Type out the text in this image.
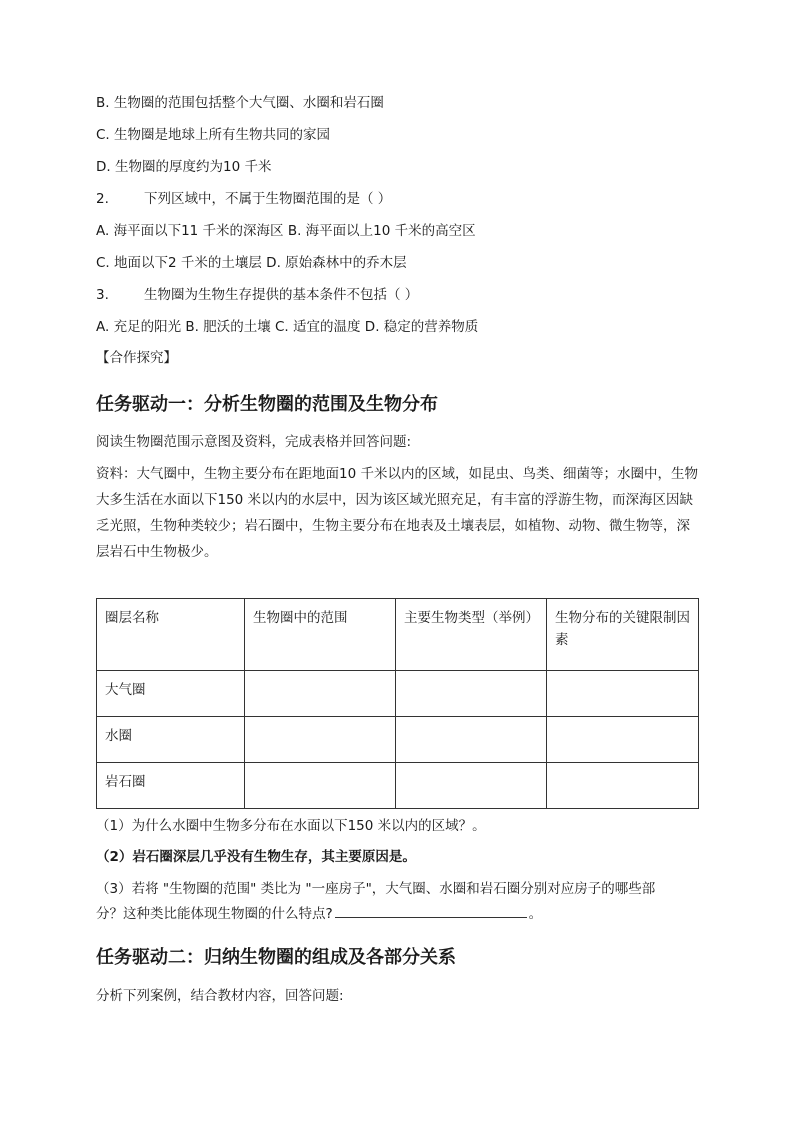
B. 生物圈的范围包括整个大气圈、水圈和岩石圈
C. 生物圈是地球上所有生物共同的家园
D. 生物圈的厚度约为10 千米
2.	下列区域中，不属于生物圈范围的是（ ）
A. 海平面以下11 千米的深海区 B. 海平面以上10 千米的高空区
C. 地面以下2 千米的土壤层 D. 原始森林中的乔木层
3.	生物圈为生物生存提供的基本条件不包括（ ）
A. 充足的阳光 B. 肥沃的土壤 C. 适宜的温度 D. 稳定的营养物质
【合作探究】
任务驱动一：分析生物圈的范围及生物分布
阅读生物圈范围示意图及资料，完成表格并回答问题:
资料：大气圈中，生物主要分布在距地面10 千米以内的区域，如昆虫、鸟类、细菌等；水圈中，生物大多生活在水面以下150 米以内的水层中，因为该区域光照充足，有丰富的浮游生物，而深海区因缺乏光照，生物种类较少；岩石圈中，生物主要分布在地表及土壤表层，如植物、动物、微生物等，深层岩石中生物极少。
圈层名称	生物圈中的范围	主要生物类型（举例）	生物分布的关键限制因素
大气圈			
水圈			
岩石圈			
（1）为什么水圈中生物多分布在水面以下150 米以内的区域？。
（2）岩石圈深层几乎没有生物生存，其主要原因是。
（3）若将 "生物圈的范围" 类比为 "一座房子"，大气圈、水圈和岩石圈分别对应房子的哪些部
分？这种类比能体现生物圈的什么特点?	。
任务驱动二：归纳生物圈的组成及各部分关系
分析下列案例，结合教材内容，回答问题:
